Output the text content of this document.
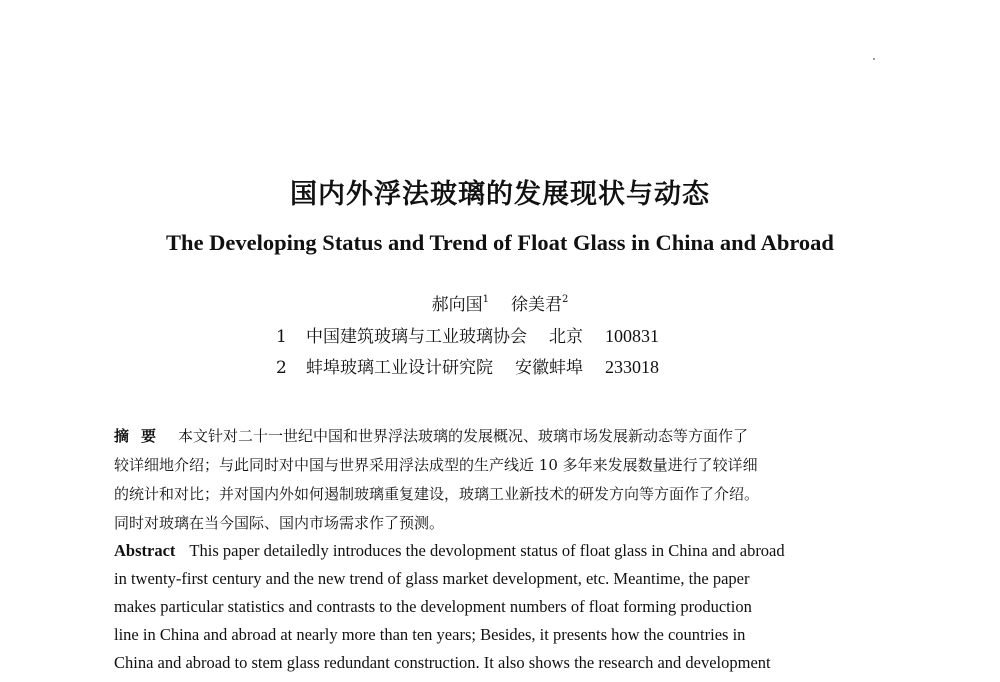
国内外浮法玻璃的发展现状与动态
The Developing Status and Trend of Float Glass in China and Abroad
郝向国$^1$ 徐美君$^2$
1 中国建筑玻璃与工业玻璃协会 北京 100831
2 蚌埠玻璃工业设计研究院 安徽蚌埠 233018
摘要 本文针对二十一世纪中国和世界浮法玻璃的发展概况、玻璃市场发展新动态等方面作了
较详细地介绍；与此同时对中国与世界采用浮法成型的生产线近 10 多年来发展数量进行了较详细
的统计和对比；并对国内外如何遏制玻璃重复建设，玻璃工业新技术的研发方向等方面作了介绍。
同时对玻璃在当今国际、国内市场需求作了预测。
Abstract This paper detailedly introduces the devolopment status of float glass in China and abroad
in twenty-first century and the new trend of glass market development, etc. Meantime, the paper
makes particular statistics and contrasts to the development numbers of float forming production
line in China and abroad at nearly more than ten years; Besides, it presents how the countries in
China and abroad to stem glass redundant construction. It also shows the research and development
